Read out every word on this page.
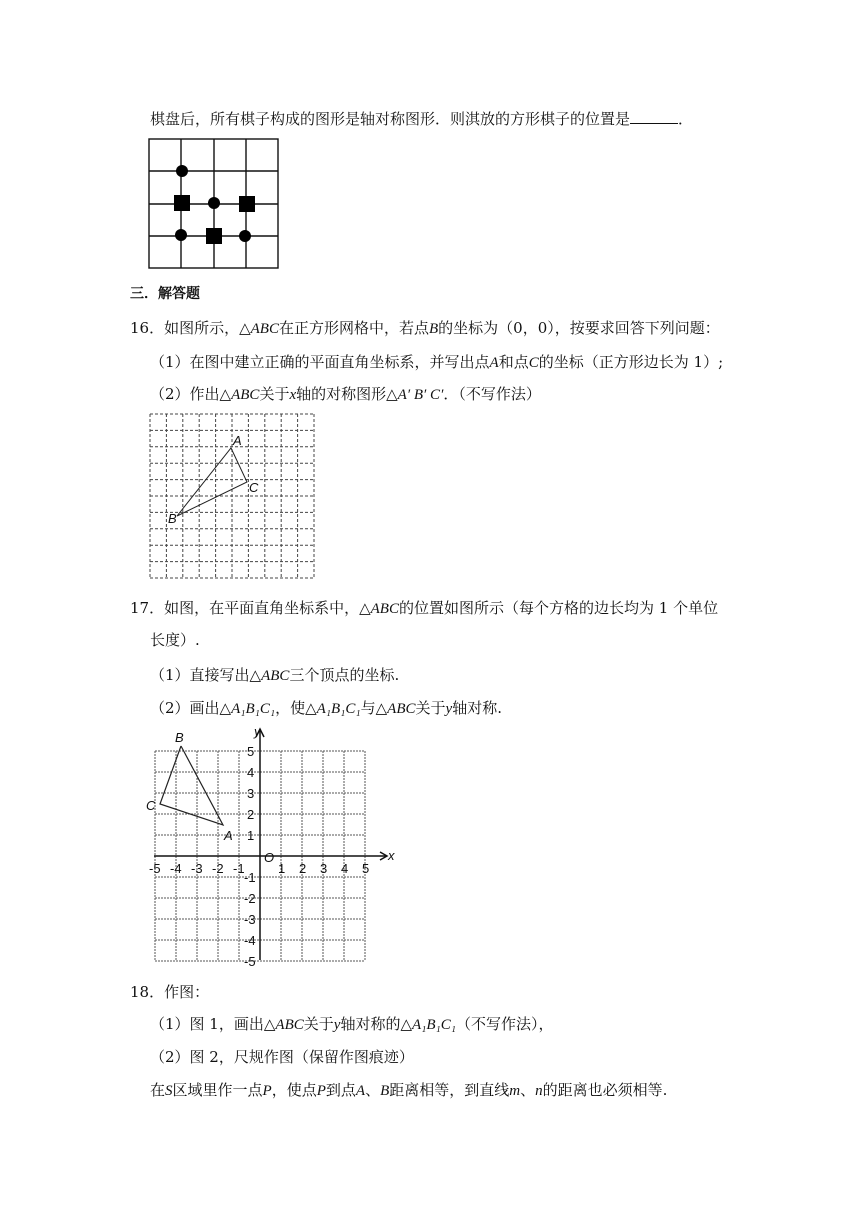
棋盘后，所有棋子构成的图形是轴对称图形．则淇放的方形棋子的位置是	．
三．解答题
16．如图所示，△ABC在正方形网格中，若点B的坐标为（0，0），按要求回答下列问题：
（1）在图中建立正确的平面直角坐标系，并写出点A和点C的坐标（正方形边长为 1）;
（2）作出△ABC关于x轴的对称图形△A′ B′ C′．（不写作法）
A
B
C
17．如图，在平面直角坐标系中，△ABC的位置如图所示（每个方格的边长均为 1 个单位
长度）.
（1）直接写出△ABC三个顶点的坐标.
（2）画出△A₁B₁C₁，使△A₁B₁C₁与△ABC关于y轴对称.
-5 -4 -3 -2 -1	1 2 3 4 5
5
4
3
2
1
-1
-2
-3
-4
-5
x
y
O
B
A
C
18．作图：
（1）图 1，画出△ABC关于y轴对称的△A₁B₁C₁（不写作法），
（2）图 2，尺规作图（保留作图痕迹）
在S区域里作一点P，使点P到点A、B距离相等，到直线m、n的距离也必须相等.
